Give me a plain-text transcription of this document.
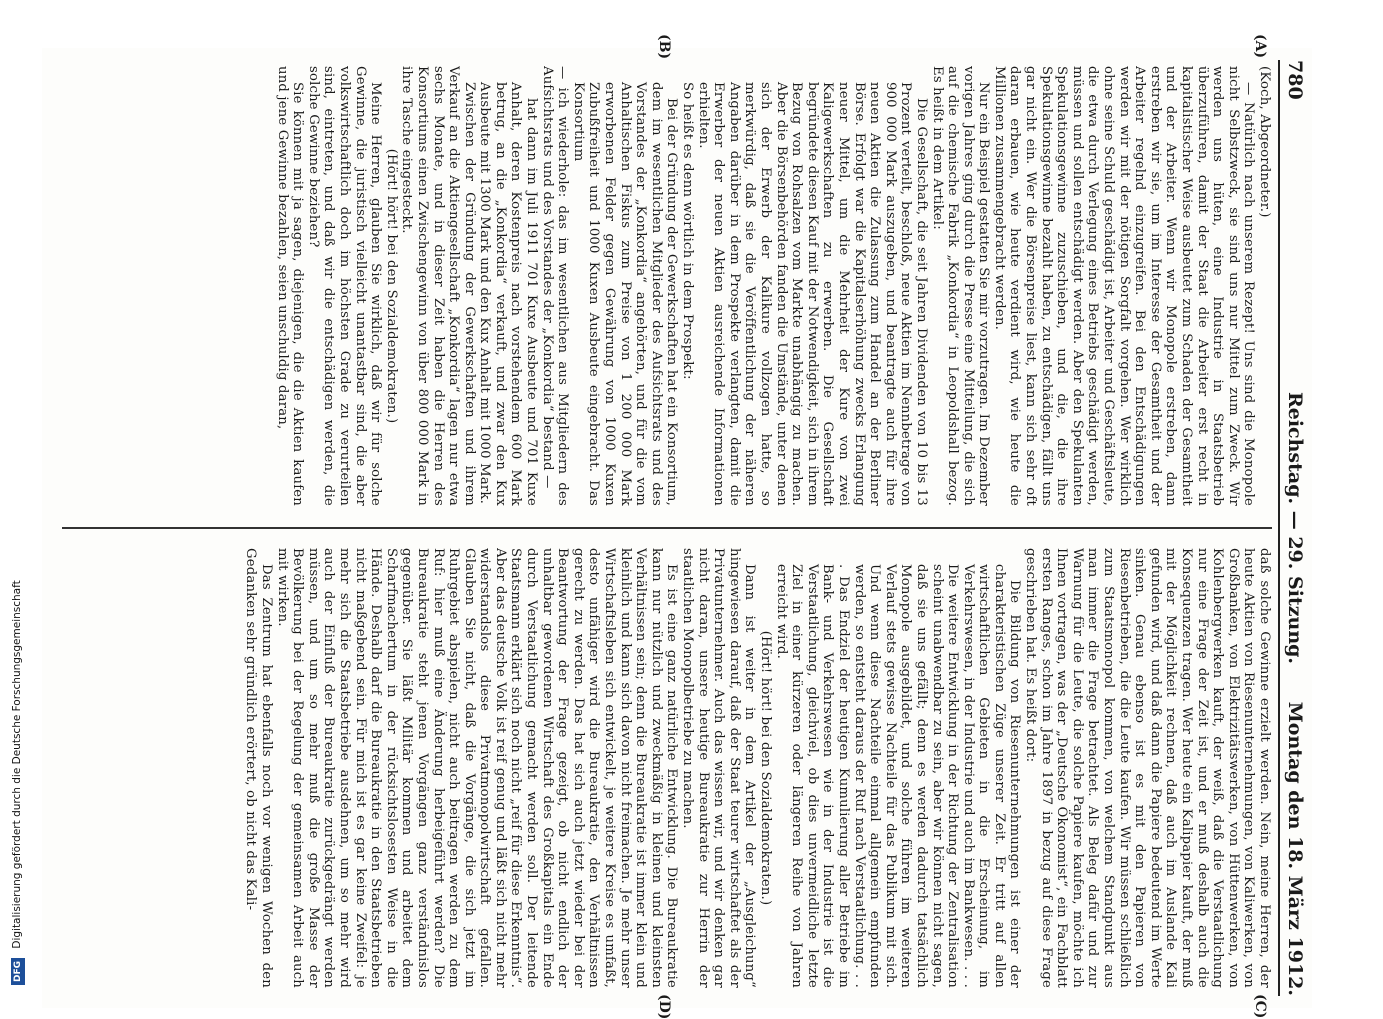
780
Reichstag. — 29. Sitzung.
Montag den 18. März 1912.
(A)
(B)
(C)
(D)

(Koch, Abgeordneter.)

— Natürlich nach unserem Rezept! Uns sind die Monopole nicht Selbstzweck, sie sind uns nur Mittel zum Zweck. Wir werden uns hüten, eine Industrie in Staatsbetrieb überzuführen, damit der Staat die Arbeiter erst recht in kapitalistischer Weise ausbeutet zum Schaden der Gesamtheit und der Arbeiter. Wenn wir Monopole erstreben, dann erstreben wir sie, um im Interesse der Gesamtheit und der Arbeiter regelnd einzugreifen. Bei den Entschädigungen werden wir mit der nötigen Sorgfalt vorgehen. Wer wirklich ohne seine Schuld geschädigt ist, Arbeiter und Geschäftsleute, die etwa durch Verlegung eines Betriebs geschädigt werden, müssen und sollen entschädigt werden. Aber den Spekulanten Spekulationsgewinne zuzuschieben, und die, die ihre Spekulationsgewinne bezahlt haben, zu entschädigen, fällt uns gar nicht ein. Wer die Börsenpreise liest, kann sich sehr oft daran erbauen, wie heute verdient wird, wie heute die Millionen zusammengebracht werden.

Nur ein Beispiel gestatten Sie mir vorzutragen. Im Dezember vorigen Jahres ging durch die Presse eine Mitteilung, die sich auf die chemische Fabrik „Konkordia“ in Leopoldshall bezog. Es heißt in dem Artikel:

Die Gesellschaft, die seit Jahren Dividenden von 10 bis 13 Prozent verteilt, beschloß, neue Aktien im Nennbetrage von 900 000 Mark auszugeben, und beantragte auch für ihre neuen Aktien die Zulassung zum Handel an der Berliner Börse. Erfolgt war die Kapitalserhöhung zwecks Erlangung neuer Mittel, um die Mehrheit der Kure von zwei Kaligewerkschaften zu erwerben. Die Gesellschaft begründete diesen Kauf mit der Notwendigkeit, sich in ihrem Bezug von Rohsalzen vom Markte unabhängig zu machen. Aber die Börsenbehörden fanden die Umstände, unter denen sich der Erwerb der Kalikure vollzogen hatte, so merkwürdig, daß sie die Veröffentlichung der näheren Angaben darüber in dem Prospekte verlangten, damit die Erwerber der neuen Aktien ausreichende Informationen erhielten.

So heißt es denn wörtlich in dem Prospekt:

Bei der Gründung der Gewerkschaften hat ein Konsortium, dem im wesentlichen Mitglieder des Aufsichtsrats und des Vorstandes der „Konkordia“ angehörten, und für die vom Anhaltischen Fiskus zum Preise von 1 200 000 Mark erworbenen Felder gegen Gewährung von 1000 Kuxen Zubußfreiheit und 1000 Kuxen Ausbeute eingebracht. Das Konsortium

— ich wiederhole: das im wesentlichen aus Mitgliedern des Aufsichtsrats und des Vorstandes der „Konkordia“ bestand —

hat dann im Juli 1911 701 Kuxe Ausbeute und 701 Kuxe Anhalt, deren Kostenpreis nach vorstehendem 600 Mark betrug, an die „Konkordia“ verkauft, und zwar den Kux Ausbeute mit 1300 Mark und den Kux Anhalt mit 1000 Mark.

Zwischen der Gründung der Gewerkschaften und ihrem Verkauf an die Aktiengesellschaft „Konkordia“ lagen nur etwa sechs Monate, und in dieser Zeit haben die Herren des Konsortiums einen Zwischengewinn von über 800 000 Mark in ihre Tasche eingesteckt.

(Hört! hört! bei den Sozialdemokraten.)

Meine Herren, glauben Sie wirklich, daß wir für solche Gewinne, die juristisch vielleicht unantastbar sind, die aber volkswirtschaftlich doch im höchsten Grade zu verurteilen sind, eintreten, und daß wir die entschädigen werden, die solche Gewinne beziehen?

Sie können mit ja sagen, diejenigen, die die Aktien kaufen und jene Gewinne bezahlen, seien unschuldig daran,

daß solche Gewinne erzielt werden. Nein, meine Herren, der heute Aktien von Riesenunternehmungen, von Kaliwerken, von Großbanken, von Elektrizitätswerken, von Hüttenwerken, von Kohlenbergwerken kauft, der weiß, daß die Verstaatlichung nur eine Frage der Zeit ist, und er muß deshalb auch die Konsequenzen tragen. Wer heute ein Kalipapier kauft, der muß mit der Möglichkeit rechnen, daß auch im Auslande Kali gefunden wird, und daß dann die Papiere bedeutend im Werte sinken. Genau ebenso ist es mit den Papieren von Riesenbetrieben, die die Leute kaufen. Wir müssen schließlich zum Staatsmonopol kommen, von welchem Standpunkt aus man immer die Frage betrachtet. Als Beleg dafür und zur Warnung für die Leute, die solche Papiere kaufen, möchte ich Ihnen vortragen, was der „Deutsche Ökonomist“, ein Fachblatt ersten Ranges, schon im Jahre 1897 in bezug auf diese Frage geschrieben hat. Es heißt dort:

Die Bildung von Riesenunternehmungen ist einer der charakteristischen Züge unserer Zeit. Er tritt auf allen wirtschaftlichen Gebieten in die Erscheinung, im Verkehrswesen, in der Industrie und auch im Bankwesen. . . . Die weitere Entwicklung in der Richtung der Zentralisation scheint unabwendbar zu sein, aber wir können nicht sagen, daß sie uns gefällt; denn es werden dadurch tatsächlich Monopole ausgebildet, und solche führen im weiteren Verlauf stets gewisse Nachteile für das Publikum mit sich. Und wenn diese Nachteile einmal allgemein empfunden werden, so entsteht daraus der Ruf nach Verstaatlichung. . . . Das Endziel der heutigen Kumulierung aller Betriebe im Bank- und Verkehrswesen wie in der Industrie ist die Verstaatlichung, gleichviel, ob dies unvermeidliche letzte Ziel in einer kürzeren oder längeren Reihe von Jahren erreicht wird.

(Hört! hört! bei den Sozialdemokraten.)

Dann ist weiter in dem Artikel der „Ausgleichung“ hingewiesen darauf, daß der Staat teurer wirtschaftet als der Privatunternehmer. Auch das wissen wir, und wir denken gar nicht daran, unsere heutige Bureaukratie zur Herrin der staatlichen Monopolbetriebe zu machen.

Es ist eine ganz natürliche Entwicklung. Die Bureaukratie kann nur nützlich und zweckmäßig in kleinen und kleinsten Verhältnissen sein; denn die Bureaukratie ist immer klein und kleinlich und kann sich davon nicht freimachen. Je mehr unser Wirtschaftsleben sich entwickelt, je weitere Kreise es umfaßt, desto unfähiger wird die Bureaukratie, den Verhältnissen gerecht zu werden. Das hat sich auch jetzt wieder bei der Beantwortung der Frage gezeigt, ob nicht endlich der unhaltbar gewordenen Wirtschaft des Großkapitals ein Ende durch Verstaatlichung gemacht werden soll. Der leitende Staatsmann erklärt sich noch nicht „reif für diese Erkenntnis“. Aber das deutsche Volk ist reif genug und läßt sich nicht mehr widerstandslos diese Privatmonopolwirtschaft gefallen. Glauben Sie nicht, daß die Vorgänge, die sich jetzt im Ruhrgebiet abspielen, nicht auch beitragen werden zu dem Ruf: hier muß eine Änderung herbeigeführt werden? Die Bureaukratie steht jenen Vorgängen ganz verständnislos gegenüber. Sie läßt Militär kommen und arbeitet dem Scharfmachertum in der rücksichtslosesten Weise in die Hände. Deshalb darf die Bureaukratie in den Staatsbetrieben nicht maßgebend sein. Für mich ist es gar keine Zweifel: je mehr sich die Staatsbetriebe ausdehnen, um so mehr wird auch der Einfluß der Bureaukratie zurückgedrängt werden müssen, und um so mehr muß die große Masse der Bevölkerung bei der Regelung der gemeinsamen Arbeit auch mit wirken.

Das Zentrum hat ebenfalls noch vor wenigen Wochen den Gedanken sehr gründlich erörtert, ob nicht das Kali-

DFG Digitalisierung gefördert durch die Deutsche Forschungsgemeinschaft
